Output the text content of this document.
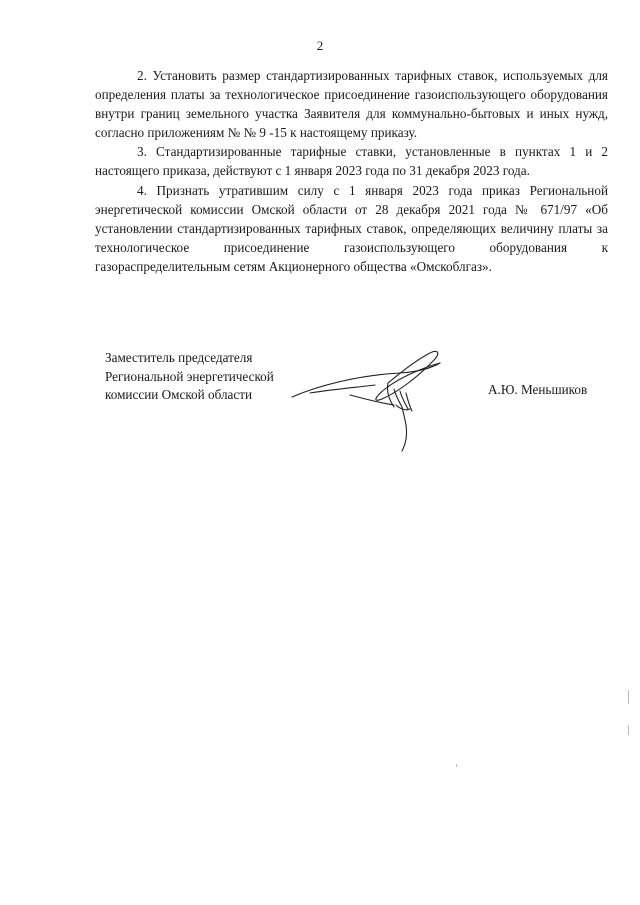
2

2. Установить размер стандартизированных тарифных ставок, используемых для определения платы за технологическое присоединение газоиспользующего оборудования внутри границ земельного участка Заявителя для коммунально-бытовых и иных нужд, согласно приложениям № № 9 -15 к настоящему приказу.

3. Стандартизированные тарифные ставки, установленные в пунктах 1 и 2 настоящего приказа, действуют с 1 января 2023 года по 31 декабря 2023 года.

4. Признать утратившим силу с 1 января 2023 года приказ Региональной энергетической комиссии Омской области от 28 декабря 2021 года № 671/97 «Об установлении стандартизированных тарифных ставок, определяющих величину платы за технологическое присоединение газоиспользующего оборудования к газораспределительным сетям Акционерного общества «Омскоблгаз».

Заместитель председателя
Региональной энергетической
комиссии Омской области	А.Ю. Меньшиков
